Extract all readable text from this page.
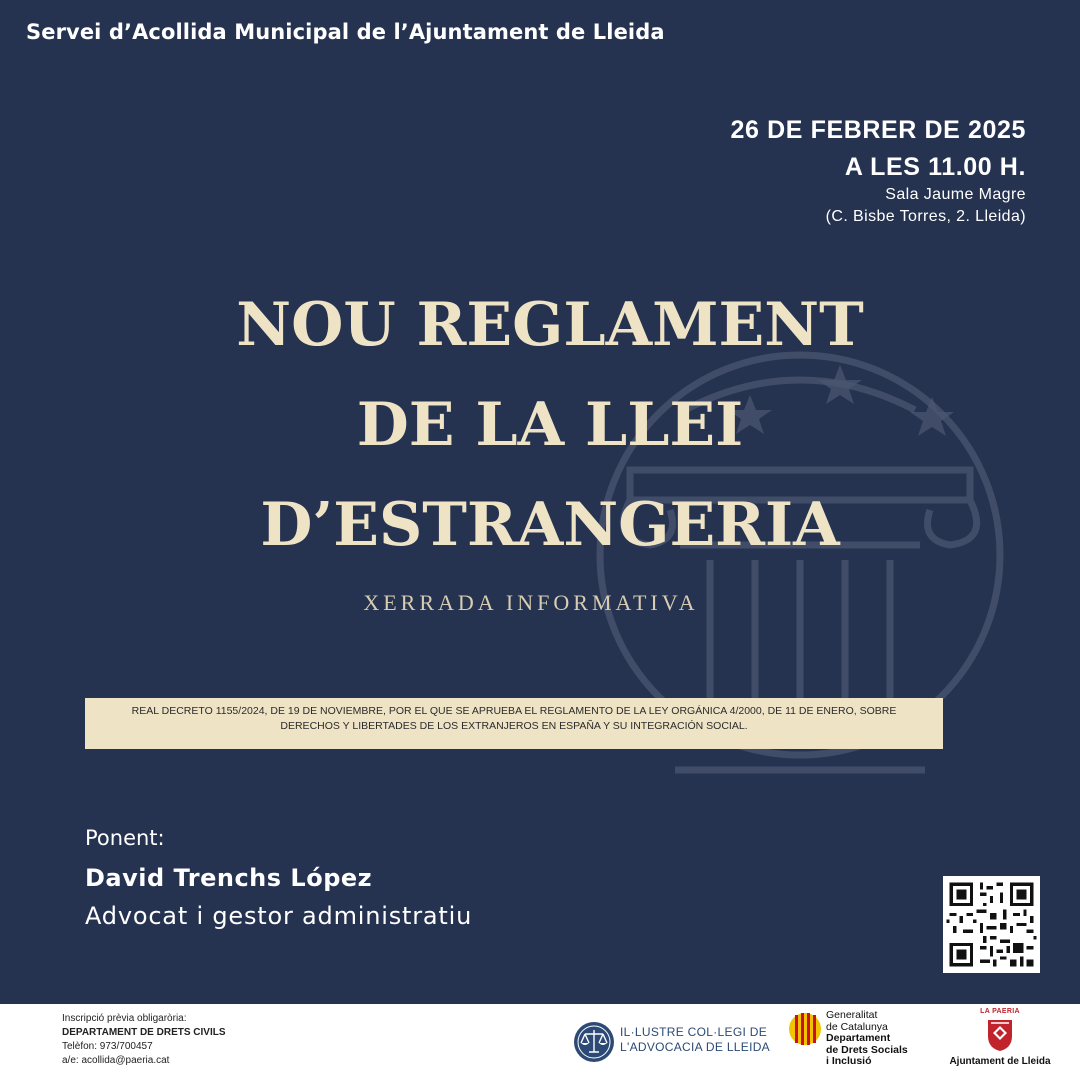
Servei d’Acollida Municipal de l’Ajuntament de Lleida
26 DE FEBRER DE 2025
A LES 11.00 H.
Sala Jaume Magre
(C. Bisbe Torres, 2. Lleida)
NOU REGLAMENT
DE LA LLEI
D’ESTRANGERIA
XERRADA INFORMATIVA
REAL DECRETO 1155/2024, DE 19 DE NOVIEMBRE, POR EL QUE SE APRUEBA EL REGLAMENTO DE LA LEY ORGÁNICA 4/2000, DE 11 DE ENERO, SOBRE DERECHOS Y LIBERTADES DE LOS EXTRANJEROS EN ESPAÑA Y SU INTEGRACIÓN SOCIAL.
Ponent:
David Trenchs López
Advocat i gestor administratiu
Inscripció prèvia obligaròria:
DEPARTAMENT DE DRETS CIVILS
Telèfon: 973/700457
a/e: acollida@paeria.cat
IL·LUSTRE COL·LEGI DE
L'ADVOCACIA DE LLEIDA
Generalitat
de Catalunya
Departament
de Drets Socials
i Inclusió
LA PAERIA
Ajuntament de Lleida
